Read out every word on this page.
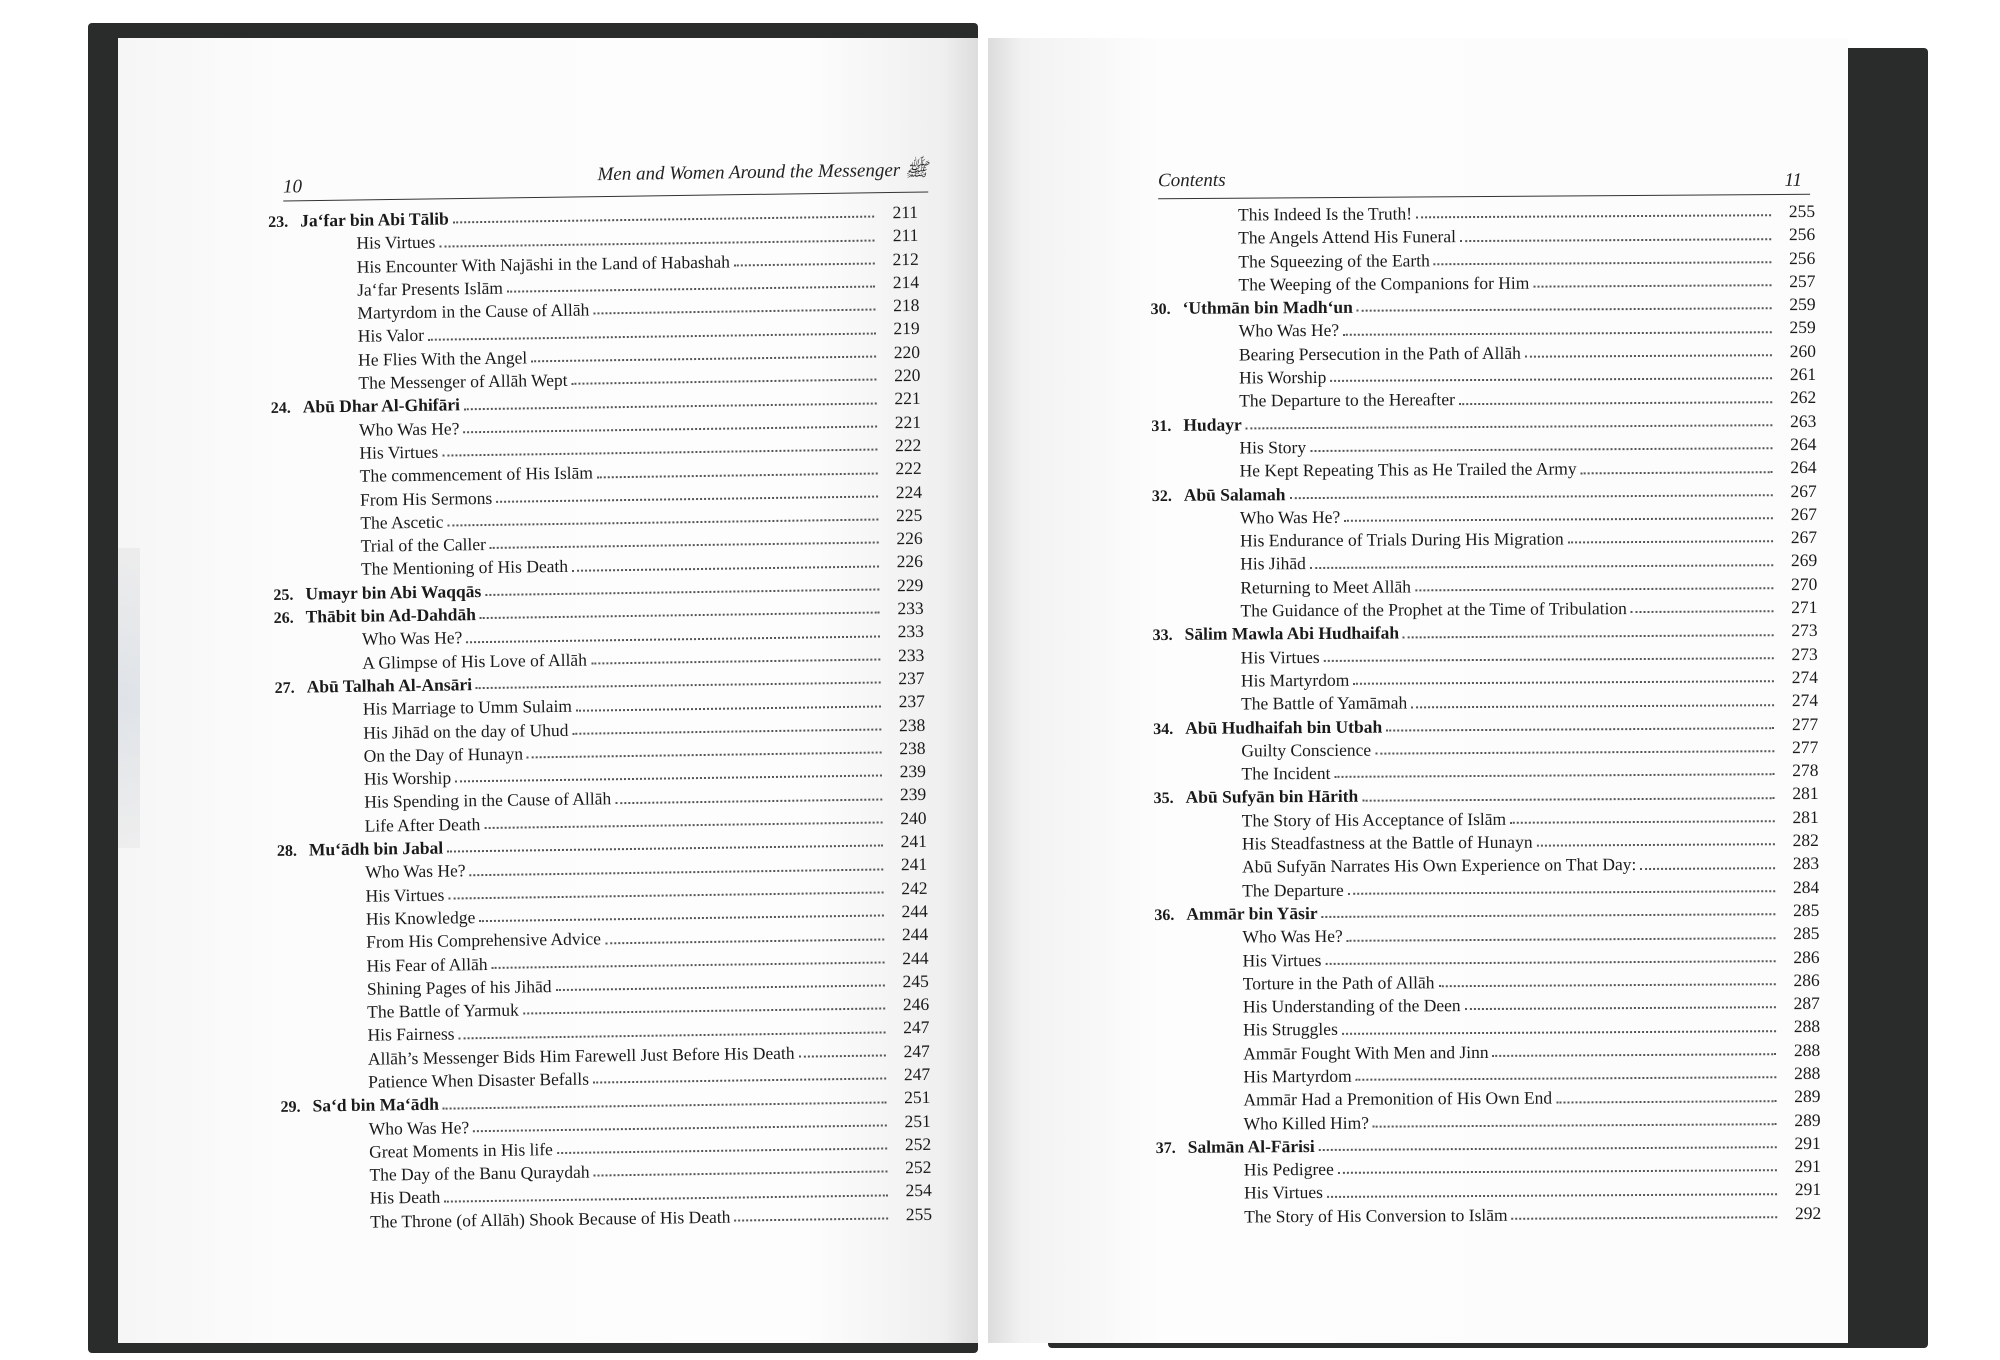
10
Men and Women Around the Messenger ﷺ
23. Ja‘far bin Abi Tālib	211
His Virtues	211
His Encounter With Najāshi in the Land of Habashah	212
Ja‘far Presents Islām	214
Martyrdom in the Cause of Allāh	218
His Valor	219
He Flies With the Angel	220
The Messenger of Allāh Wept	220
24. Abū Dhar Al-Ghifāri	221
Who Was He?	221
His Virtues	222
The commencement of His Islām	222
From His Sermons	224
The Ascetic	225
Trial of the Caller	226
The Mentioning of His Death	226
25. Umayr bin Abi Waqqās	229
26. Thābit bin Ad-Dahdāh	233
Who Was He?	233
A Glimpse of His Love of Allāh	233
27. Abū Talhah Al-Ansāri	237
His Marriage to Umm Sulaim	237
His Jihād on the day of Uhud	238
On the Day of Hunayn	238
His Worship	239
His Spending in the Cause of Allāh	239
Life After Death	240
28. Mu‘ādh bin Jabal	241
Who Was He?	241
His Virtues	242
His Knowledge	244
From His Comprehensive Advice	244
His Fear of Allāh	244
Shining Pages of his Jihād	245
The Battle of Yarmuk	246
His Fairness	247
Allāh’s Messenger Bids Him Farewell Just Before His Death	247
Patience When Disaster Befalls	247
29. Sa‘d bin Ma‘ādh	251
Who Was He?	251
Great Moments in His life	252
The Day of the Banu Quraydah	252
His Death	254
The Throne (of Allāh) Shook Because of His Death	255
Contents	11
This Indeed Is the Truth!	255
The Angels Attend His Funeral	256
The Squeezing of the Earth	256
The Weeping of the Companions for Him	257
30. ‘Uthmān bin Madh‘un	259
Who Was He?	259
Bearing Persecution in the Path of Allāh	260
His Worship	261
The Departure to the Hereafter	262
31. Hudayr	263
His Story	264
He Kept Repeating This as He Trailed the Army	264
32. Abū Salamah	267
Who Was He?	267
His Endurance of Trials During His Migration	267
His Jihād	269
Returning to Meet Allāh	270
The Guidance of the Prophet at the Time of Tribulation	271
33. Sālim Mawla Abi Hudhaifah	273
His Virtues	273
His Martyrdom	274
The Battle of Yamāmah	274
34. Abū Hudhaifah bin Utbah	277
Guilty Conscience	277
The Incident	278
35. Abū Sufyān bin Hārith	281
The Story of His Acceptance of Islām	281
His Steadfastness at the Battle of Hunayn	282
Abū Sufyān Narrates His Own Experience on That Day:	283
The Departure	284
36. Ammār bin Yāsir	285
Who Was He?	285
His Virtues	286
Torture in the Path of Allāh	286
His Understanding of the Deen	287
His Struggles	288
Ammār Fought With Men and Jinn	288
His Martyrdom	288
Ammār Had a Premonition of His Own End	289
Who Killed Him?	289
37. Salmān Al-Fārisi	291
His Pedigree	291
His Virtues	291
The Story of His Conversion to Islām	292
